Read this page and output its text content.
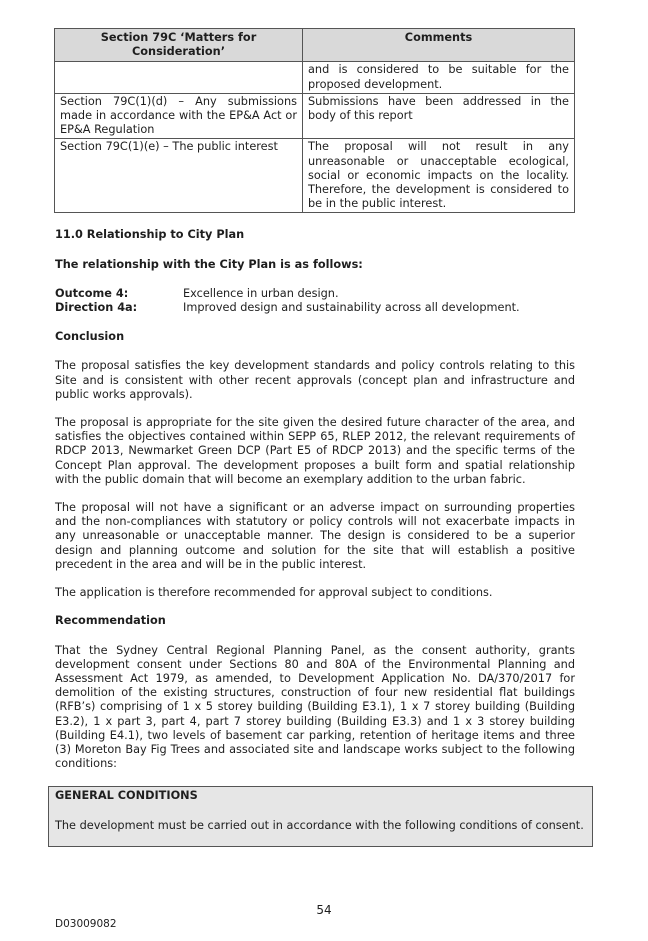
Section 79C ‘Matters for Consideration’	Comments
	and is considered to be suitable for the proposed development.
Section 79C(1)(d) – Any submissions made in accordance with the EP&A Act or EP&A Regulation	Submissions have been addressed in the body of this report
Section 79C(1)(e) – The public interest	The proposal will not result in any unreasonable or unacceptable ecological, social or economic impacts on the locality. Therefore, the development is considered to be in the public interest.

11.0 Relationship to City Plan

The relationship with the City Plan is as follows:

Outcome 4:	Excellence in urban design.
Direction 4a:	Improved design and sustainability across all development.

Conclusion

The proposal satisfies the key development standards and policy controls relating to this Site and is consistent with other recent approvals (concept plan and infrastructure and public works approvals).

The proposal is appropriate for the site given the desired future character of the area, and satisfies the objectives contained within SEPP 65, RLEP 2012, the relevant requirements of RDCP 2013, Newmarket Green DCP (Part E5 of RDCP 2013) and the specific terms of the Concept Plan approval. The development proposes a built form and spatial relationship with the public domain that will become an exemplary addition to the urban fabric.

The proposal will not have a significant or an adverse impact on surrounding properties and the non-compliances with statutory or policy controls will not exacerbate impacts in any unreasonable or unacceptable manner. The design is considered to be a superior design and planning outcome and solution for the site that will establish a positive precedent in the area and will be in the public interest.

The application is therefore recommended for approval subject to conditions.

Recommendation

That the Sydney Central Regional Planning Panel, as the consent authority, grants development consent under Sections 80 and 80A of the Environmental Planning and Assessment Act 1979, as amended, to Development Application No. DA/370/2017 for demolition of the existing structures, construction of four new residential flat buildings (RFB’s) comprising of 1 x 5 storey building (Building E3.1), 1 x 7 storey building (Building E3.2), 1 x part 3, part 4, part 7 storey building (Building E3.3) and 1 x 3 storey building (Building E4.1), two levels of basement car parking, retention of heritage items and three (3) Moreton Bay Fig Trees and associated site and landscape works subject to the following conditions:

GENERAL CONDITIONS

The development must be carried out in accordance with the following conditions of consent.

54
D03009082
